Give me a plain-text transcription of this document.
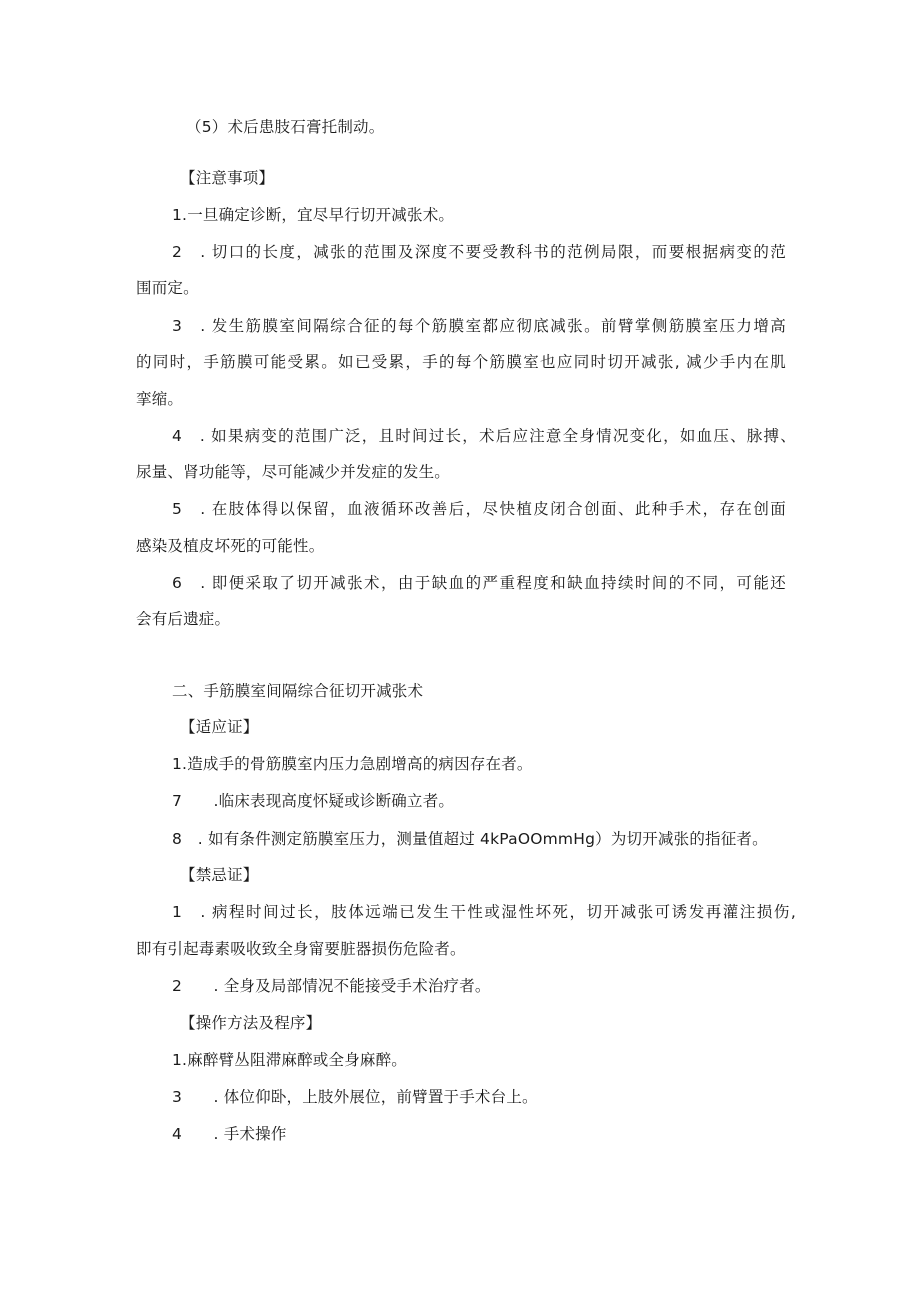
（5）术后患肢石膏托制动。

【注意事项】

1.一旦确定诊断，宜尽早行切开减张术。

2　. 切口的长度，减张的范围及深度不要受教科书的范例局限，而要根据病变的范

围而定。

3　. 发生筋膜室间隔综合征的每个筋膜室都应彻底减张。前臂掌侧筋膜室压力增高

的同时，手筋膜可能受累。如已受累，手的每个筋膜室也应同时切开减张, 减少手内在肌

挛缩。

4　. 如果病变的范围广泛，且时间过长，术后应注意全身情况变化，如血压、脉搏、

尿量、肾功能等，尽可能减少并发症的发生。

5　. 在肢体得以保留，血液循环改善后，尽快植皮闭合创面、此种手术，存在创面

感染及植皮坏死的可能性。

6　. 即便采取了切开减张术，由于缺血的严重程度和缺血持续时间的不同，可能还

会有后遗症。

二、手筋膜室间隔综合征切开减张术

【适应证】

1.造成手的骨筋膜室内压力急剧增高的病因存在者。

7　　.临床表现高度怀疑或诊断确立者。

8　. 如有条件测定筋膜室压力，测量值超过 4kPaOOmmHg）为切开减张的指征者。

【禁忌证】

1　. 病程时间过长，肢体远端已发生干性或湿性坏死，切开减张可诱发再灌注损伤,

即有引起毒素吸收致全身甯要脏器损伤危险者。

2　　. 全身及局部情况不能接受手术治疗者。

【操作方法及程序】

1.麻醉臂丛阻滞麻醉或全身麻醉。

3　　. 体位仰卧，上肢外展位，前臂置于手术台上。

4　　. 手术操作
